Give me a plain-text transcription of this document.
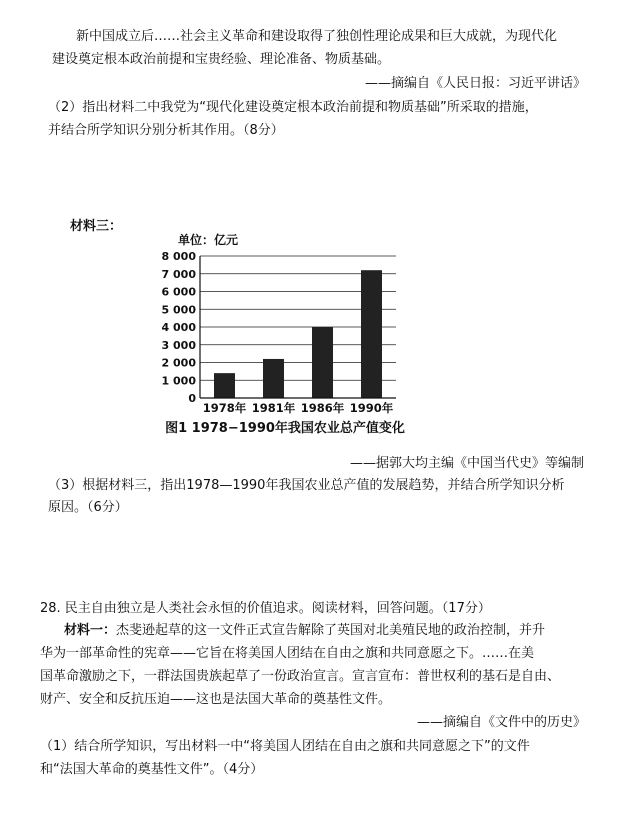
新中国成立后……社会主义革命和建设取得了独创性理论成果和巨大成就，为现代化
建设奠定根本政治前提和宝贵经验、理论准备、物质基础。
——摘编自《人民日报：习近平讲话》
（2）指出材料二中我党为“现代化建设奠定根本政治前提和物质基础”所采取的措施，
并结合所学知识分别分析其作用。（8分）
材料三：
单位：亿元
0
1 000
2 000
3 000
4 000
5 000
6 000
7 000
8 000
1978年 1981年 1986年 1990年
图1 1978−1990年我国农业总产值变化
——据郭大均主编《中国当代史》等编制
（3）根据材料三，指出1978—1990年我国农业总产值的发展趋势，并结合所学知识分析
原因。（6分）
28. 民主自由独立是人类社会永恒的价值追求。阅读材料，回答问题。（17分）
材料一：杰斐逊起草的这一文件正式宣告解除了英国对北美殖民地的政治控制，并升
华为一部革命性的宪章——它旨在将美国人团结在自由之旗和共同意愿之下。……在美
国革命激励之下，一群法国贵族起草了一份政治宣言。宣言宣布：普世权利的基石是自由、
财产、安全和反抗压迫——这也是法国大革命的奠基性文件。
——摘编自《文件中的历史》
（1）结合所学知识，写出材料一中“将美国人团结在自由之旗和共同意愿之下”的文件
和“法国大革命的奠基性文件”。（4分）
